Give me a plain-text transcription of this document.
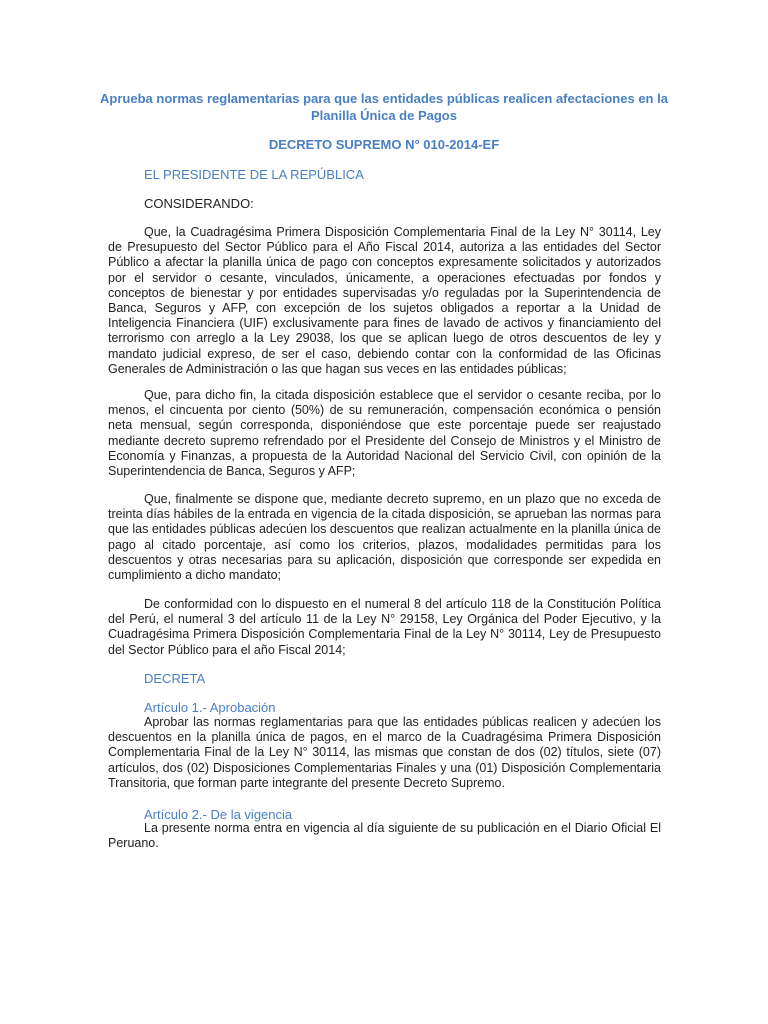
Aprueba normas reglamentarias para que las entidades públicas realicen afectaciones en la Planilla Única de Pagos
DECRETO SUPREMO N° 010-2014-EF
EL PRESIDENTE DE LA REPÚBLICA
CONSIDERANDO:

Que, la Cuadragésima Primera Disposición Complementaria Final de la Ley N° 30114, Ley de Presupuesto del Sector Público para el Año Fiscal 2014, autoriza a las entidades del Sector Público a afectar la planilla única de pago con conceptos expresamente solicitados y autorizados por el servidor o cesante, vinculados, únicamente, a operaciones efectuadas por fondos y conceptos de bienestar y por entidades supervisadas y/o reguladas por la Superintendencia de Banca, Seguros y AFP, con excepción de los sujetos obligados a reportar a la Unidad de Inteligencia Financiera (UIF) exclusivamente para fines de lavado de activos y financiamiento del terrorismo con arreglo a la Ley 29038, los que se aplican luego de otros descuentos de ley y mandato judicial expreso, de ser el caso, debiendo contar con la conformidad de las Oficinas Generales de Administración o las que hagan sus veces en las entidades públicas;

Que, para dicho fin, la citada disposición establece que el servidor o cesante reciba, por lo menos, el cincuenta por ciento (50%) de su remuneración, compensación económica o pensión neta mensual, según corresponda, disponiéndose que este porcentaje puede ser reajustado mediante decreto supremo refrendado por el Presidente del Consejo de Ministros y el Ministro de Economía y Finanzas, a propuesta de la Autoridad Nacional del Servicio Civil, con opinión de la Superintendencia de Banca, Seguros y AFP;

Que, finalmente se dispone que, mediante decreto supremo, en un plazo que no exceda de treinta días hábiles de la entrada en vigencia de la citada disposición, se aprueban las normas para que las entidades públicas adecúen los descuentos que realizan actualmente en la planilla única de pago al citado porcentaje, así como los criterios, plazos, modalidades permitidas para los descuentos y otras necesarias para su aplicación, disposición que corresponde ser expedida en cumplimiento a dicho mandato;

De conformidad con lo dispuesto en el numeral 8 del artículo 118 de la Constitución Política del Perú, el numeral 3 del artículo 11 de la Ley N° 29158, Ley Orgánica del Poder Ejecutivo, y la Cuadragésima Primera Disposición Complementaria Final de la Ley N° 30114, Ley de Presupuesto del Sector Público para el año Fiscal 2014;

DECRETA
Artículo 1.- Aprobación

Aprobar las normas reglamentarias para que las entidades públicas realicen y adecúen los descuentos en la planilla única de pagos, en el marco de la Cuadragésima Primera Disposición Complementaria Final de la Ley N° 30114, las mismas que constan de dos (02) títulos, siete (07) artículos, dos (02) Disposiciones Complementarias Finales y una (01) Disposición Complementaria Transitoria, que forman parte integrante del presente Decreto Supremo.

Artículo 2.- De la vigencia

La presente norma entra en vigencia al día siguiente de su publicación en el Diario Oficial El Peruano.
